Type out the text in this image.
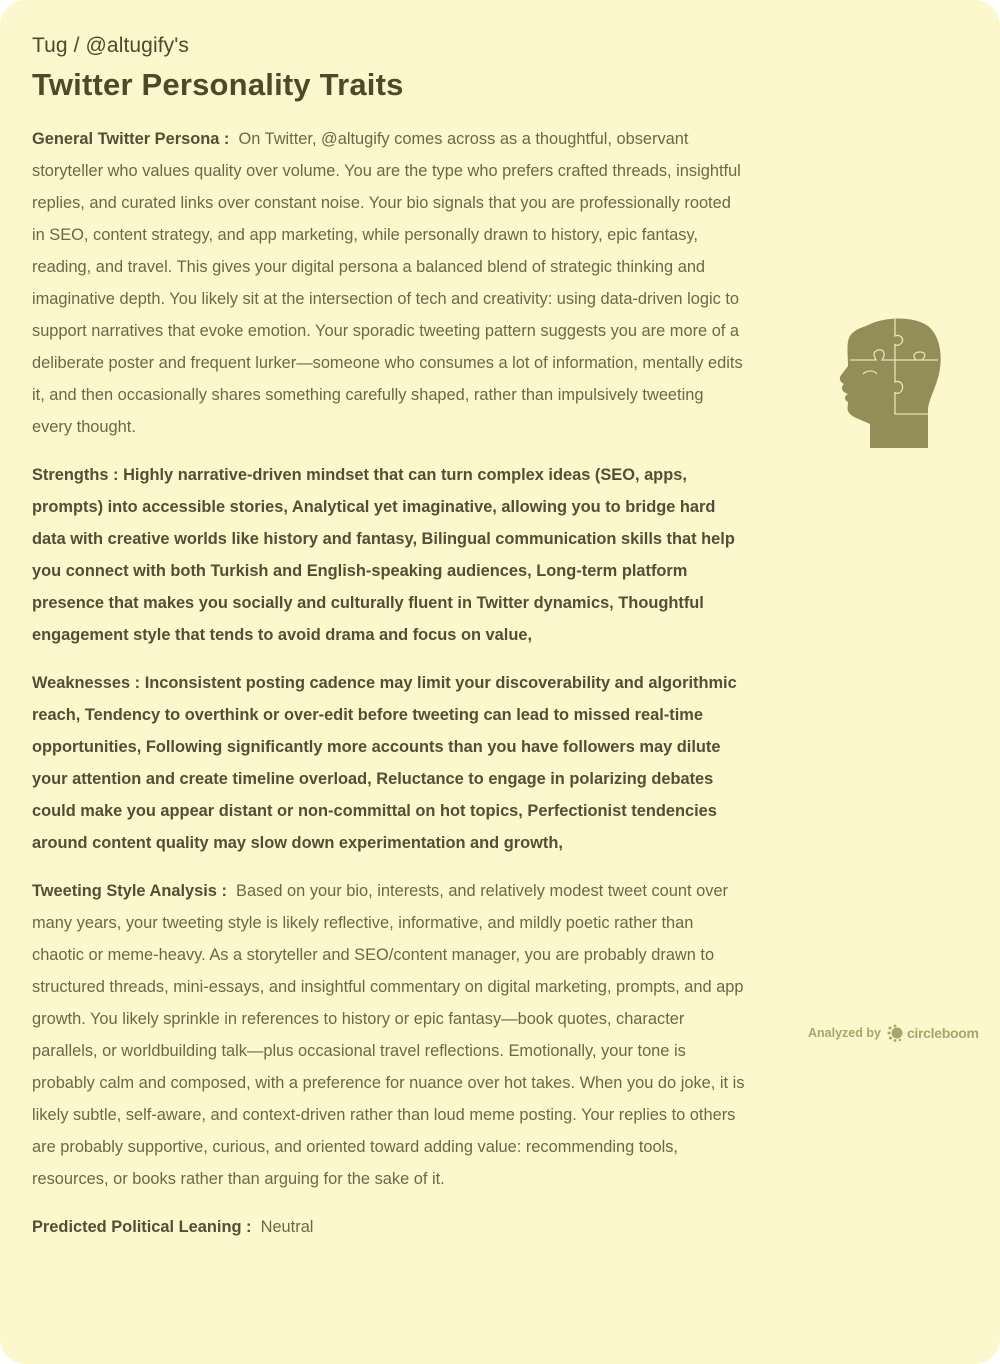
Tug / @altugify's
Twitter Personality Traits

General Twitter Persona : On Twitter, @altugify comes across as a thoughtful, observant storyteller who values quality over volume. You are the type who prefers crafted threads, insightful replies, and curated links over constant noise. Your bio signals that you are professionally rooted in SEO, content strategy, and app marketing, while personally drawn to history, epic fantasy, reading, and travel. This gives your digital persona a balanced blend of strategic thinking and imaginative depth. You likely sit at the intersection of tech and creativity: using data-driven logic to support narratives that evoke emotion. Your sporadic tweeting pattern suggests you are more of a deliberate poster and frequent lurker—someone who consumes a lot of information, mentally edits it, and then occasionally shares something carefully shaped, rather than impulsively tweeting every thought.

Strengths : Highly narrative-driven mindset that can turn complex ideas (SEO, apps, prompts) into accessible stories, Analytical yet imaginative, allowing you to bridge hard data with creative worlds like history and fantasy, Bilingual communication skills that help you connect with both Turkish and English-speaking audiences, Long-term platform presence that makes you socially and culturally fluent in Twitter dynamics, Thoughtful engagement style that tends to avoid drama and focus on value,

Weaknesses : Inconsistent posting cadence may limit your discoverability and algorithmic reach, Tendency to overthink or over-edit before tweeting can lead to missed real-time opportunities, Following significantly more accounts than you have followers may dilute your attention and create timeline overload, Reluctance to engage in polarizing debates could make you appear distant or non-committal on hot topics, Perfectionist tendencies around content quality may slow down experimentation and growth,

Tweeting Style Analysis : Based on your bio, interests, and relatively modest tweet count over many years, your tweeting style is likely reflective, informative, and mildly poetic rather than chaotic or meme-heavy. As a storyteller and SEO/content manager, you are probably drawn to structured threads, mini-essays, and insightful commentary on digital marketing, prompts, and app growth. You likely sprinkle in references to history or epic fantasy—book quotes, character parallels, or worldbuilding talk—plus occasional travel reflections. Emotionally, your tone is probably calm and composed, with a preference for nuance over hot takes. When you do joke, it is likely subtle, self-aware, and context-driven rather than loud meme posting. Your replies to others are probably supportive, curious, and oriented toward adding value: recommending tools, resources, or books rather than arguing for the sake of it.

Predicted Political Leaning : Neutral

Analyzed by circleboom
